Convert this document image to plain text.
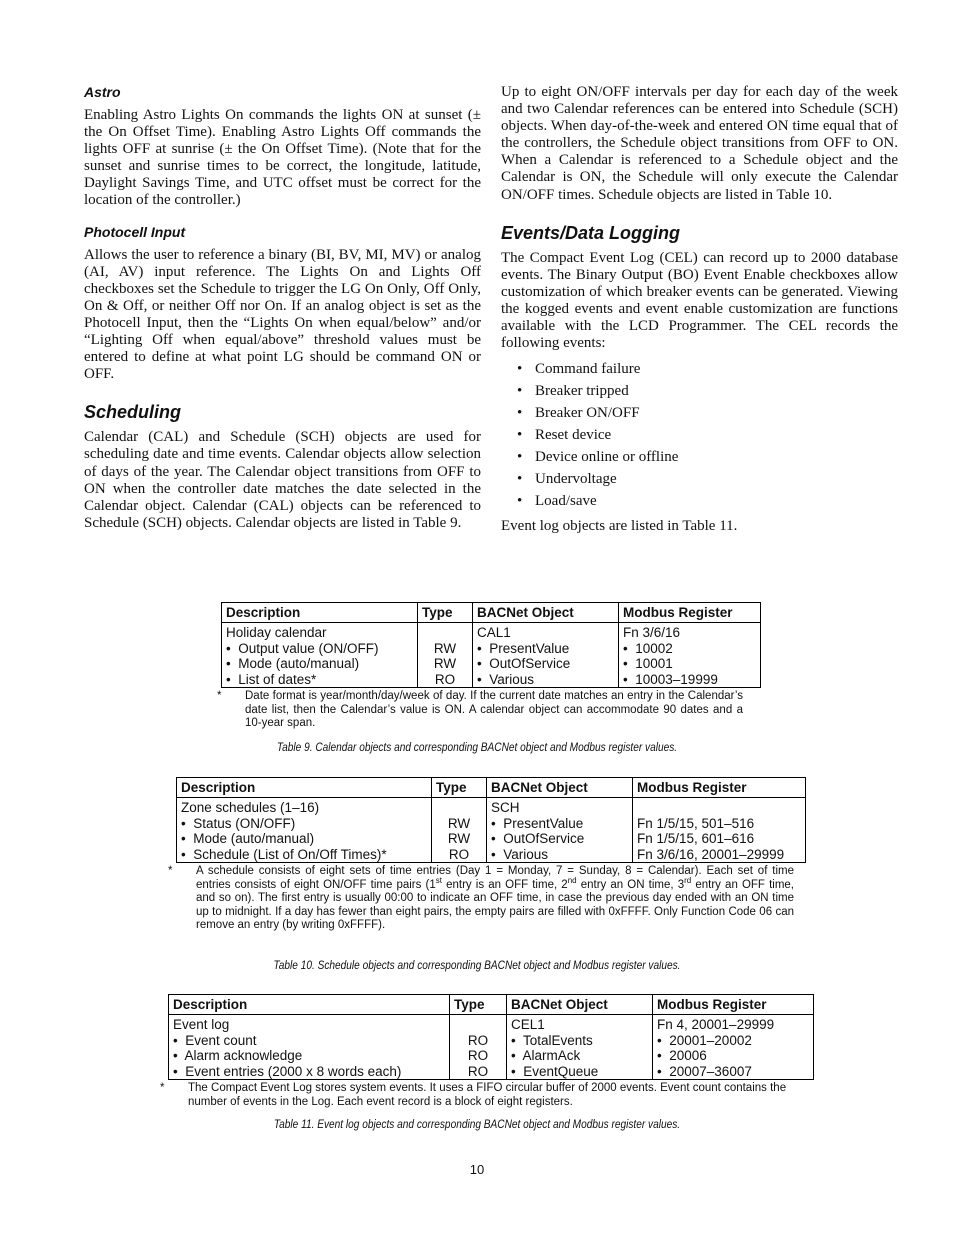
Astro

Enabling Astro Lights On commands the lights ON at sunset (± the On Offset Time). Enabling Astro Lights Off commands the lights OFF at sunrise (± the On Offset Time). (Note that for the sunset and sunrise times to be correct, the longitude, latitude, Daylight Savings Time, and UTC offset must be correct for the location of the controller.)

Photocell Input

Allows the user to reference a binary (BI, BV, MI, MV) or analog (AI, AV) input reference. The Lights On and Lights Off checkboxes set the Schedule to trigger the LG On Only, Off Only, On & Off, or neither Off nor On. If an analog object is set as the Photocell Input, then the “Lights On when equal/below” and/or “Lighting Off when equal/above” threshold values must be entered to define at what point LG should be command ON or OFF.

Scheduling

Calendar (CAL) and Schedule (SCH) objects are used for scheduling date and time events. Calendar objects allow selection of days of the year. The Calendar object transitions from OFF to ON when the controller date matches the date selected in the Calendar object. Calendar (CAL) objects can be referenced to Schedule (SCH) objects. Calendar objects are listed in Table 9.

Up to eight ON/OFF intervals per day for each day of the week and two Calendar references can be entered into Schedule (SCH) objects. When day-of-the-week and entered ON time equal that of the controllers, the Schedule object transitions from OFF to ON. When a Calendar is referenced to a Schedule object and the Calendar is ON, the Schedule will only execute the Calendar ON/OFF times. Schedule objects are listed in Table 10.

Events/Data Logging

The Compact Event Log (CEL) can record up to 2000 database events. The Binary Output (BO) Event Enable checkboxes allow customization of which breaker events can be generated. Viewing the kogged events and event enable customization are functions available with the LCD Programmer. The CEL records the following events:

• Command failure
• Breaker tripped
• Breaker ON/OFF
• Reset device
• Device online or offline
• Undervoltage
• Load/save

Event log objects are listed in Table 11.

Description	Type	BACNet Object	Modbus Register
Holiday calendar		CAL1	Fn 3/6/16
• Output value (ON/OFF)	RW	• PresentValue	• 10002
• Mode (auto/manual)	RW	• OutOfService	• 10001
• List of dates*	RO	• Various	• 10003–19999
* Date format is year/month/day/week of day. If the current date matches an entry in the Calendar’s date list, then the Calendar’s value is ON. A calendar object can accommodate 90 dates and a 10-year span.
Table 9. Calendar objects and corresponding BACNet object and Modbus register values.
Description	Type	BACNet Object	Modbus Register
Zone schedules (1–16)		SCH	
• Status (ON/OFF)	RW	• PresentValue	Fn 1/5/15, 501–516
• Mode (auto/manual)	RW	• OutOfService	Fn 1/5/15, 601–616
• Schedule (List of On/Off Times)*	RO	• Various	Fn 3/6/16, 20001–29999
* A schedule consists of eight sets of time entries (Day 1 = Monday, 7 = Sunday, 8 = Calendar). Each set of time entries consists of eight ON/OFF time pairs (1st entry is an OFF time, 2nd entry an ON time, 3rd entry an OFF time, and so on). The first entry is usually 00:00 to indicate an OFF time, in case the previous day ended with an ON time up to midnight. If a day has fewer than eight pairs, the empty pairs are filled with 0xFFFF. Only Function Code 06 can remove an entry (by writing 0xFFFF).
Table 10. Schedule objects and corresponding BACNet object and Modbus register values.
Description	Type	BACNet Object	Modbus Register
Event log		CEL1	Fn 4, 20001–29999
• Event count	RO	• TotalEvents	• 20001–20002
• Alarm acknowledge	RO	• AlarmAck	• 20006
• Event entries (2000 x 8 words each)	RO	• EventQueue	• 20007–36007
* The Compact Event Log stores system events. It uses a FIFO circular buffer of 2000 events. Event count contains the number of events in the Log. Each event record is a block of eight registers.
Table 11. Event log objects and corresponding BACNet object and Modbus register values.
10
